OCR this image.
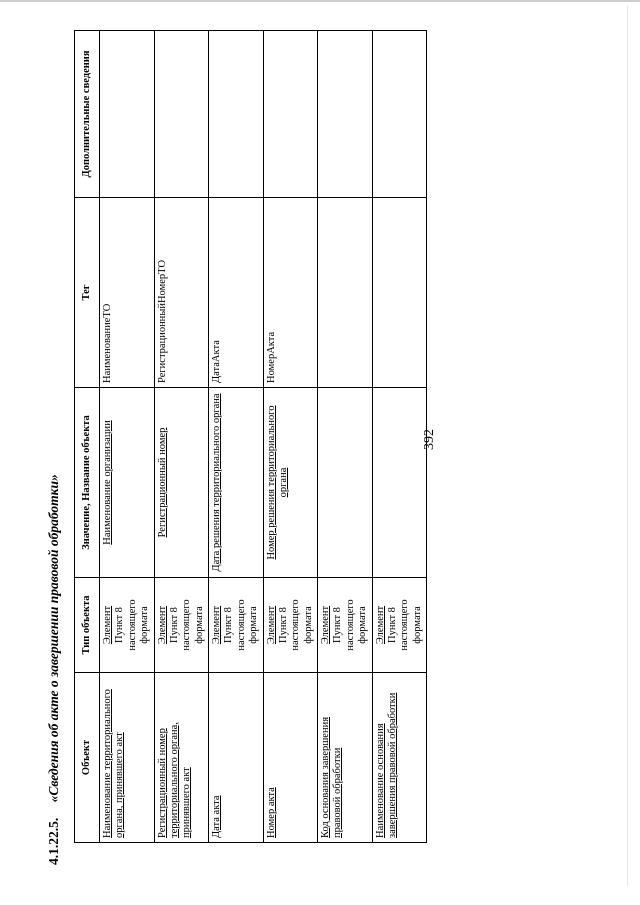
392
4.1.22.5. «Сведения об акте о завершении правовой обработки» Объект	Тип объекта	Значение, Название объекта	Тег	Дополнительные сведения
Наименование территориального органа, принявшего акт	Элемент Пункт 8 настоящего формата	Наименование организации	НаименованиеТО	
Регистрационный номер территориального органа, принявшего акт	Элемент Пункт 8 настоящего формата	Регистрационный номер	РегистрационныйНомерТО	
Дата акта	Элемент Пункт 8 настоящего формата	Дата решения территориального органа	ДатаАкта	
Номер акта	Элемент Пункт 8 настоящего формата	Номер решения территориального органа	НомерАкта	
Код основания завершения правовой обработки	Элемент Пункт 8 настоящего формата			

Наименование основания завершения правовой обработки	Элемент Пункт 8 настоящего формата			
